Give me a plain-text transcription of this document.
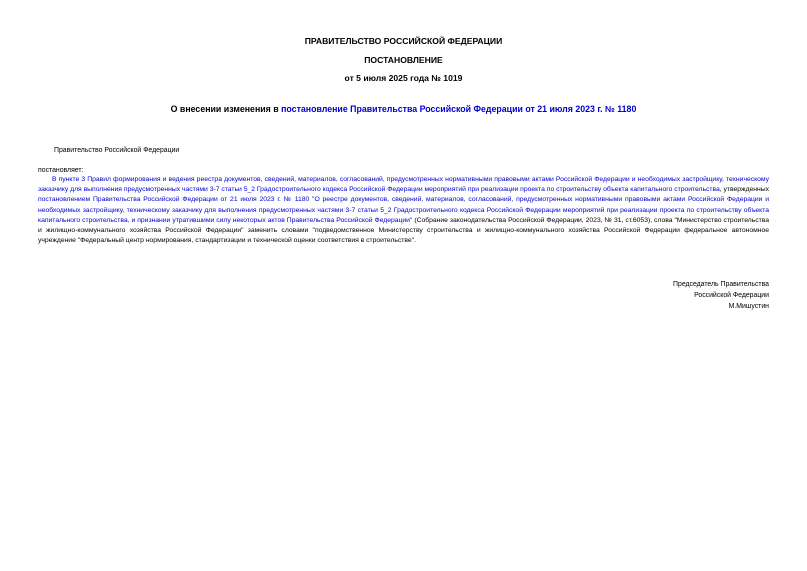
ПРАВИТЕЛЬСТВО РОССИЙСКОЙ ФЕДЕРАЦИИ
ПОСТАНОВЛЕНИЕ
от 5 июля 2025 года № 1019
О внесении изменения в постановление Правительства Российской Федерации от 21 июля 2023 г. № 1180
Правительство Российской Федерации
постановляет:
В пункте 3 Правил формирования и ведения реестра документов, сведений, материалов, согласований, предусмотренных нормативными правовыми актами Российской Федерации и необходимых застройщику, техническому заказчику для выполнения предусмотренных частями 3-7 статьи 5_2 Градостроительного кодекса Российской Федерации мероприятий при реализации проекта по строительству объекта капитального строительства, утвержденных постановлением Правительства Российской Федерации от 21 июля 2023 г. № 1180 "О реестре документов, сведений, материалов, согласований, предусмотренных нормативными правовыми актами Российской Федерации и необходимых застройщику, техническому заказчику для выполнения предусмотренных частями 3-7 статьи 5_2 Градостроительного кодекса Российской Федерации мероприятий при реализации проекта по строительству объекта капитального строительства, и признании утратившими силу некоторых актов Правительства Российской Федерации" (Собрание законодательства Российской Федерации, 2023, № 31, ст.6053), слова "Министерство строительства и жилищно-коммунального хозяйства Российской Федерации" заменить словами "подведомственное Министерству строительства и жилищно-коммунального хозяйства Российской Федерации федеральное автономное учреждение "Федеральный центр нормирования, стандартизации и технической оценки соответствия в строительстве".
Председатель Правительства
Российской Федерации
М.Мишустин
